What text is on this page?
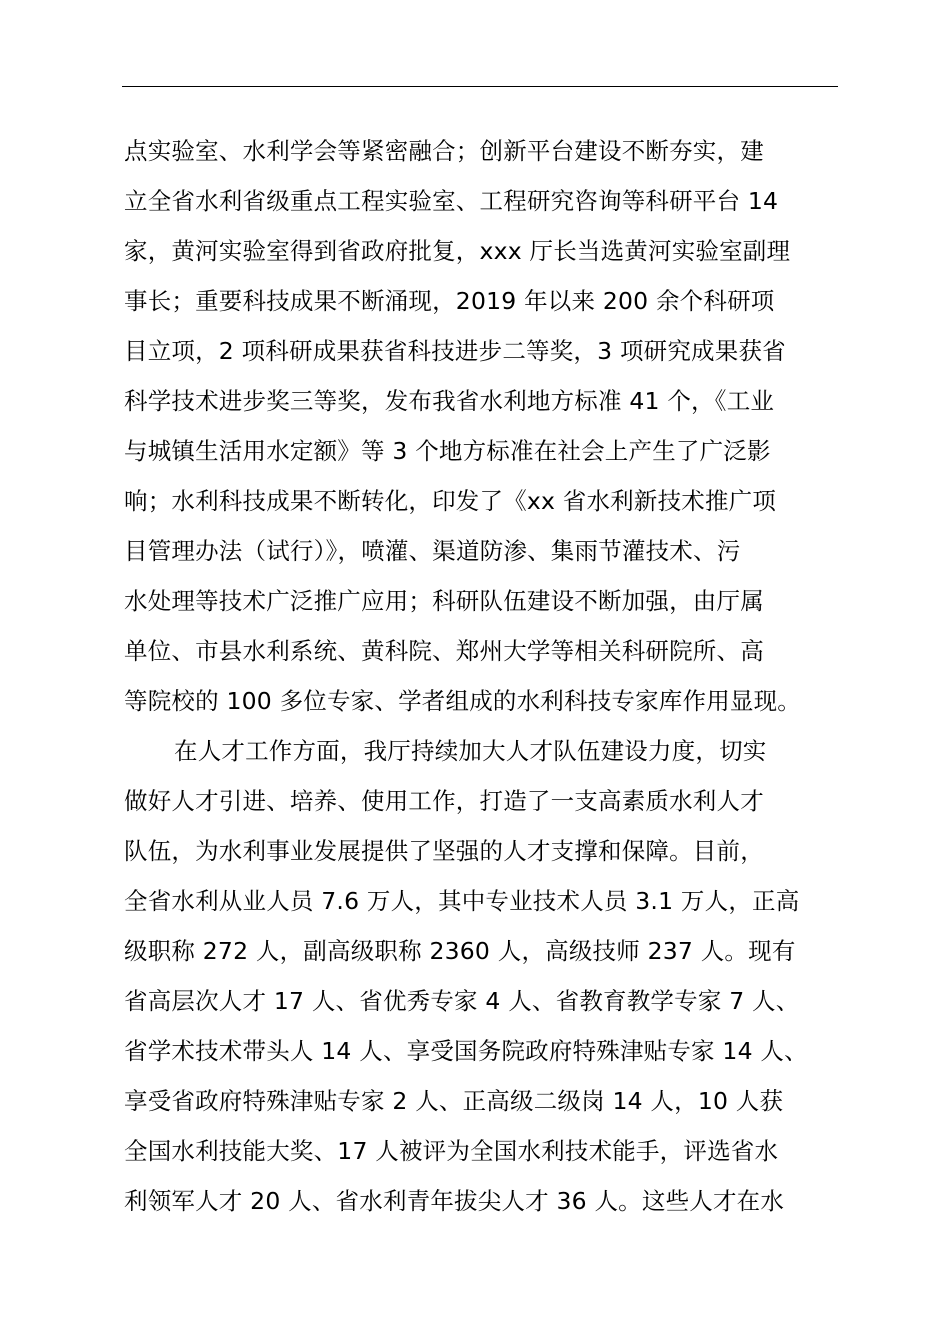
点实验室、水利学会等紧密融合；创新平台建设不断夯实，建
立全省水利省级重点工程实验室、工程研究咨询等科研平台 14
家，黄河实验室得到省政府批复，xxx 厅长当选黄河实验室副理
事长；重要科技成果不断涌现，2019 年以来 200 余个科研项
目立项，2 项科研成果获省科技进步二等奖，3 项研究成果获省
科学技术进步奖三等奖，发布我省水利地方标准 41 个，《工业
与城镇生活用水定额》等 3 个地方标准在社会上产生了广泛影
响；水利科技成果不断转化，印发了《xx 省水利新技术推广项
目管理办法（试行）》，喷灌、渠道防渗、集雨节灌技术、污
水处理等技术广泛推广应用；科研队伍建设不断加强，由厅属
单位、市县水利系统、黄科院、郑州大学等相关科研院所、高
等院校的 100 多位专家、学者组成的水利科技专家库作用显现。
在人才工作方面，我厅持续加大人才队伍建设力度，切实
做好人才引进、培养、使用工作，打造了一支高素质水利人才
队伍，为水利事业发展提供了坚强的人才支撑和保障。目前，
全省水利从业人员 7.6 万人，其中专业技术人员 3.1 万人，正高
级职称 272 人，副高级职称 2360 人，高级技师 237 人。现有
省高层次人才 17 人、省优秀专家 4 人、省教育教学专家 7 人、
省学术技术带头人 14 人、享受国务院政府特殊津贴专家 14 人、
享受省政府特殊津贴专家 2 人、正高级二级岗 14 人，10 人获
全国水利技能大奖、17 人被评为全国水利技术能手，评选省水
利领军人才 20 人、省水利青年拔尖人才 36 人。这些人才在水
